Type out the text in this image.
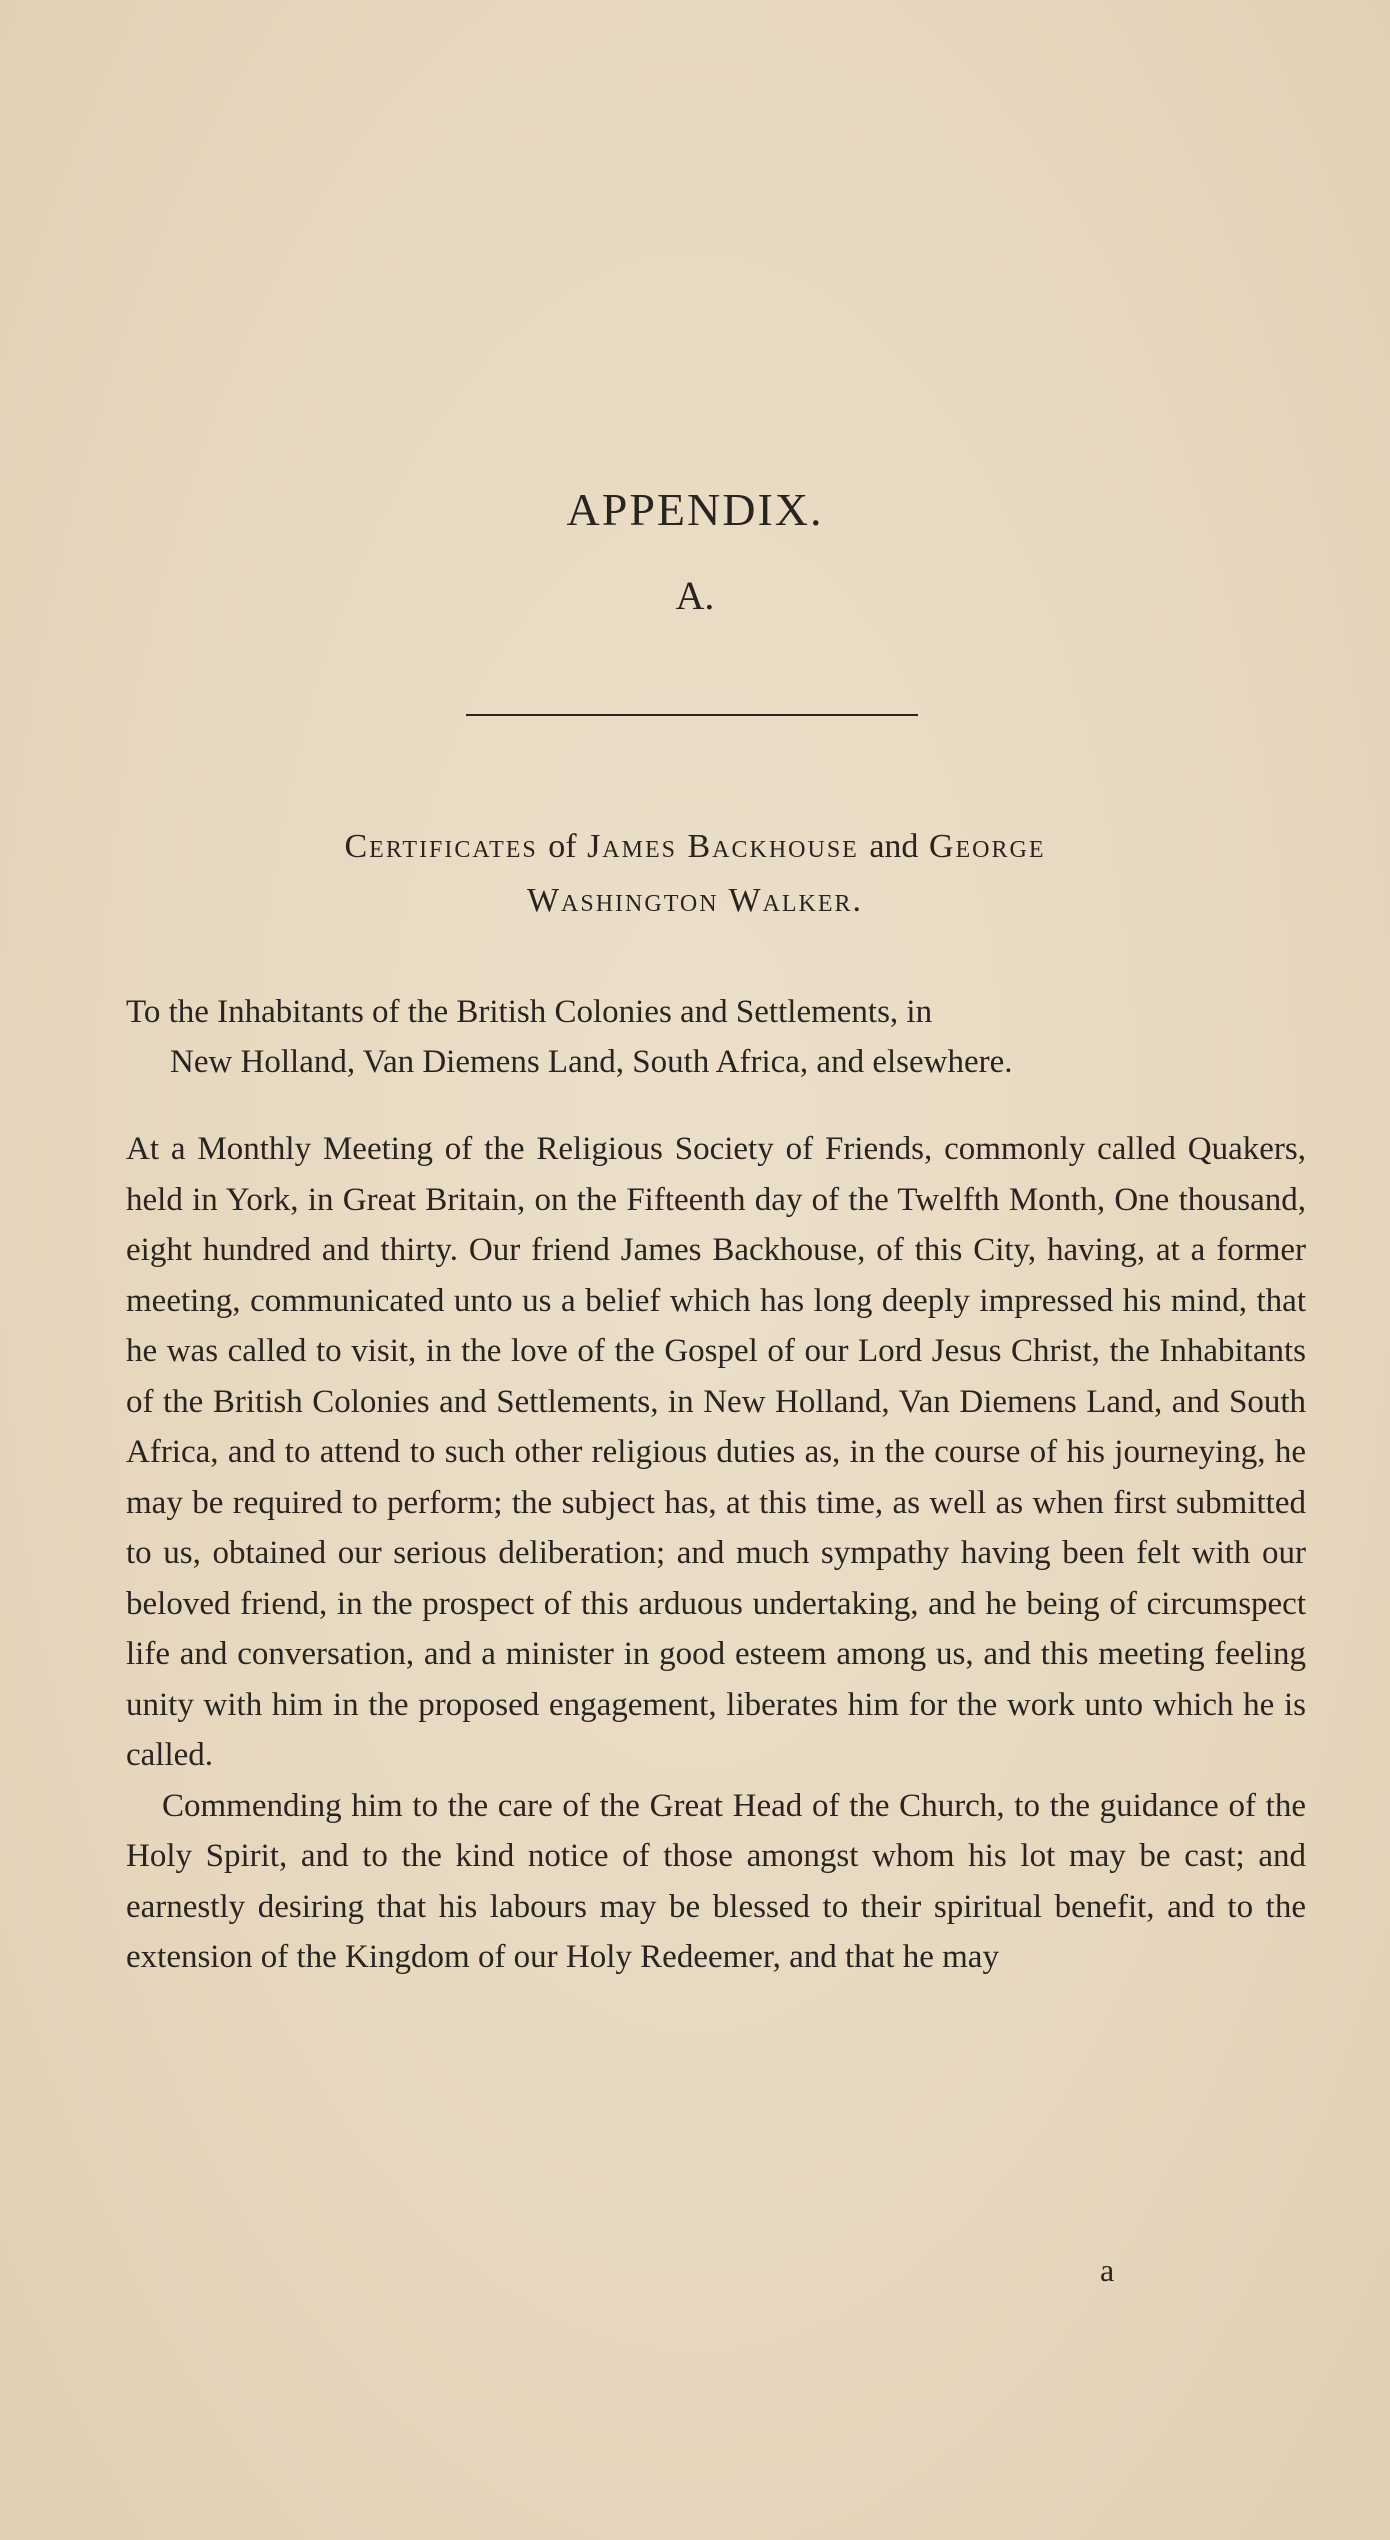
APPENDIX.
A.
Certificates of James Backhouse and George
Washington Walker.
To the Inhabitants of the British Colonies and Settlements, in
New Holland, Van Diemens Land, South Africa, and elsewhere.

At a Monthly Meeting of the Religious Society of Friends, commonly called Quakers, held in York, in Great Britain, on the Fifteenth day of the Twelfth Month, One thousand, eight hundred and thirty. Our friend James Backhouse, of this City, having, at a former meeting, communicated unto us a belief which has long deeply impressed his mind, that he was called to visit, in the love of the Gospel of our Lord Jesus Christ, the Inhabitants of the British Colonies and Settlements, in New Holland, Van Diemens Land, and South Africa, and to attend to such other religious duties as, in the course of his journeying, he may be required to perform; the subject has, at this time, as well as when first submitted to us, obtained our serious deliberation; and much sympathy having been felt with our beloved friend, in the prospect of this arduous undertaking, and he being of circumspect life and conversation, and a minister in good esteem among us, and this meeting feeling unity with him in the proposed engagement, liberates him for the work unto which he is called.

Commending him to the care of the Great Head of the Church, to the guidance of the Holy Spirit, and to the kind notice of those amongst whom his lot may be cast; and earnestly desiring that his labours may be blessed to their spiritual benefit, and to the extension of the Kingdom of our Holy Redeemer, and that he may

a
